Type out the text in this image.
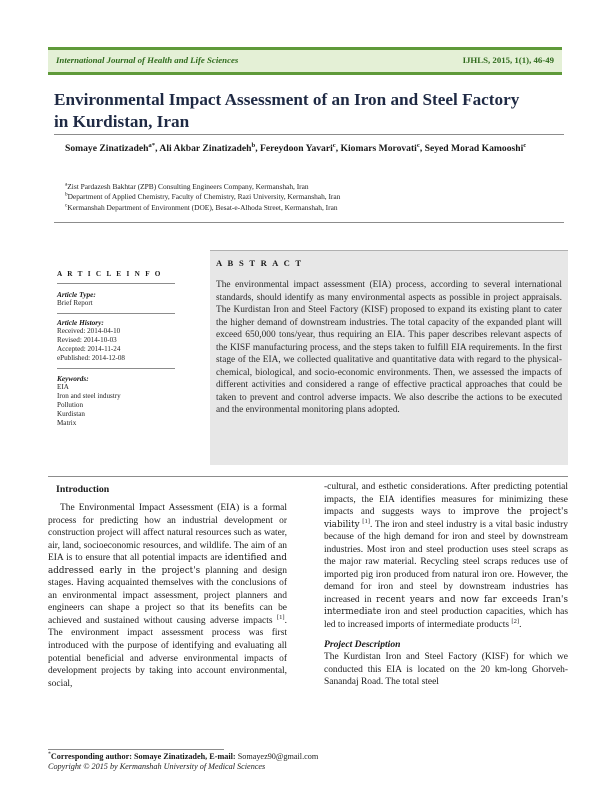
International Journal of Health and Life Sciences	IJHLS, 2015, 1(1), 46-49
Environmental Impact Assessment of an Iron and Steel Factory
in Kurdistan, Iran
Somaye Zinatizadeh$^{a*}$, Ali Akbar Zinatizadeh$^b$, Fereydoon Yavari$^c$, Kiomars Morovati$^c$, Seyed Morad Kamooshi$^c$
$^a$Zist Pardazesh Bakhtar (ZPB) Consulting Engineers Company, Kermanshah, Iran
$^b$Department of Applied Chemistry, Faculty of Chemistry, Razi University, Kermanshah, Iran
$^c$Kermanshah Department of Environment (DOE), Besat-e-Alhoda Street, Kermanshah, Iran
A R T I C L E I N F O
Article Type:
Brief Report
Article History:
Received: 2014-04-10
Revised: 2014-10-03
Accepted: 2014-11-24
ePublished: 2014-12-08
Keywords:
EIA
Iron and steel industry
Pollution
Kurdistan
Matrix
A B S T R A C T

The environmental impact assessment (EIA) process, according to several international standards, should identify as many environmental aspects as possible in project appraisals. The Kurdistan Iron and Steel Factory (KISF) proposed to expand its existing plant to cater the higher demand of downstream industries. The total capacity of the expanded plant will exceed 650,000 tons/year, thus requiring an EIA. This paper describes relevant aspects of the KISF manufacturing process, and the steps taken to fulfill EIA requirements. In the first stage of the EIA, we collected qualitative and quantitative data with regard to the physical-chemical, biological, and socio-economic environments. Then, we assessed the impacts of different activities and considered a range of effective practical approaches that could be taken to prevent and control adverse impacts. We also describe the actions to be executed and the environmental monitoring plans adopted.

Introduction

The Environmental Impact Assessment (EIA) is a formal process for predicting how an industrial development or construction project will affect natural resources such as water, air, land, socioeconomic resources, and wildlife. The aim of an EIA is to ensure that all potential impacts are identified and addressed early in the project's planning and design stages. Having acquainted themselves with the conclusions of an environmental impact assessment, project planners and engineers can shape a project so that its benefits can be achieved and sustained without causing adverse impacts [1]. The environment impact assessment process was first introduced with the purpose of identifying and evaluating all potential beneficial and adverse environmental impacts of development projects by taking into account environmental, social,

-cultural, and esthetic considerations. After predicting potential impacts, the EIA identifies measures for minimizing these impacts and suggests ways to improve the project's viability [1]. The iron and steel industry is a vital basic industry because of the high demand for iron and steel by downstream industries. Most iron and steel production uses steel scraps as the major raw material. Recycling steel scraps reduces use of imported pig iron produced from natural iron ore. However, the demand for iron and steel by downstream industries has increased in recent years and now far exceeds Iran's intermediate iron and steel production capacities, which has led to increased imports of intermediate products [2].

Project Description

The Kurdistan Iron and Steel Factory (KISF) for which we conducted this EIA is located on the 20 km-long Ghorveh-Sanandaj Road. The total steel

*Corresponding author: Somaye Zinatizadeh, E-mail: Somayez90@gmail.com
Copyright © 2015 by Kermanshah University of Medical Sciences
